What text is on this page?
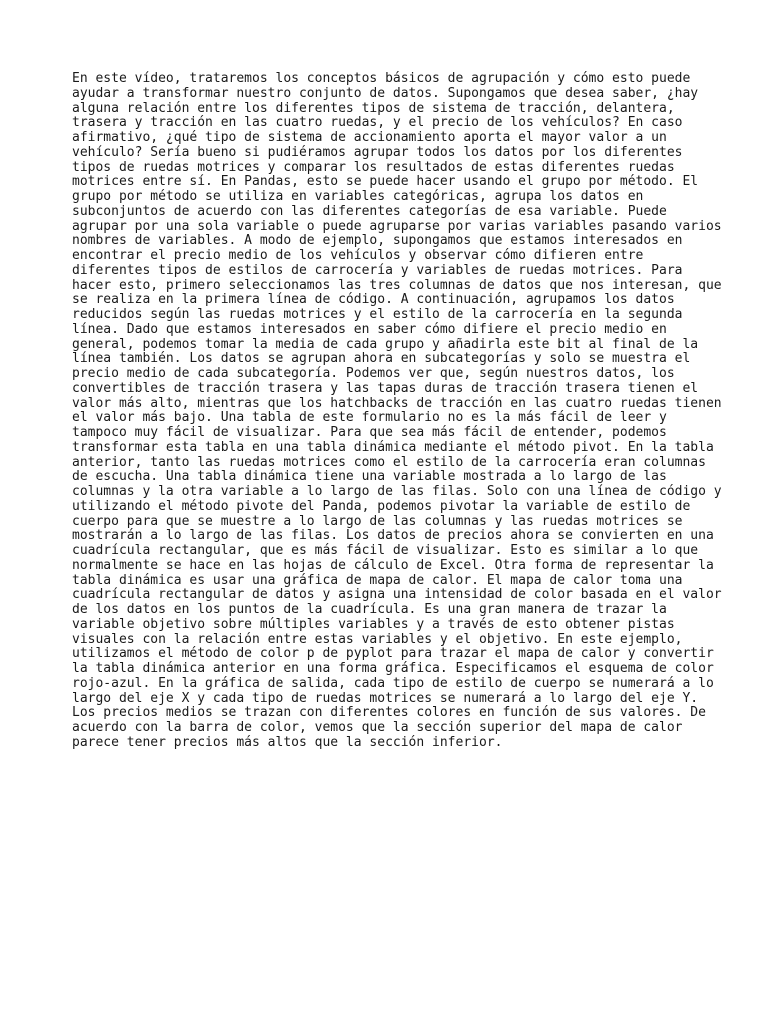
En este vídeo, trataremos los conceptos básicos de agrupación y cómo esto puede
ayudar a transformar nuestro conjunto de datos. Supongamos que desea saber, ¿hay
alguna relación entre los diferentes tipos de sistema de tracción, delantera,
trasera y tracción en las cuatro ruedas, y el precio de los vehículos? En caso
afirmativo, ¿qué tipo de sistema de accionamiento aporta el mayor valor a un
vehículo? Sería bueno si pudiéramos agrupar todos los datos por los diferentes
tipos de ruedas motrices y comparar los resultados de estas diferentes ruedas
motrices entre sí. En Pandas, esto se puede hacer usando el grupo por método. El
grupo por método se utiliza en variables categóricas, agrupa los datos en
subconjuntos de acuerdo con las diferentes categorías de esa variable. Puede
agrupar por una sola variable o puede agruparse por varias variables pasando varios
nombres de variables. A modo de ejemplo, supongamos que estamos interesados en
encontrar el precio medio de los vehículos y observar cómo difieren entre
diferentes tipos de estilos de carrocería y variables de ruedas motrices. Para
hacer esto, primero seleccionamos las tres columnas de datos que nos interesan, que
se realiza en la primera línea de código. A continuación, agrupamos los datos
reducidos según las ruedas motrices y el estilo de la carrocería en la segunda
línea. Dado que estamos interesados en saber cómo difiere el precio medio en
general, podemos tomar la media de cada grupo y añadirla este bit al final de la
línea también. Los datos se agrupan ahora en subcategorías y solo se muestra el
precio medio de cada subcategoría. Podemos ver que, según nuestros datos, los
convertibles de tracción trasera y las tapas duras de tracción trasera tienen el
valor más alto, mientras que los hatchbacks de tracción en las cuatro ruedas tienen
el valor más bajo. Una tabla de este formulario no es la más fácil de leer y
tampoco muy fácil de visualizar. Para que sea más fácil de entender, podemos
transformar esta tabla en una tabla dinámica mediante el método pivot. En la tabla
anterior, tanto las ruedas motrices como el estilo de la carrocería eran columnas
de escucha. Una tabla dinámica tiene una variable mostrada a lo largo de las
columnas y la otra variable a lo largo de las filas. Solo con una línea de código y
utilizando el método pivote del Panda, podemos pivotar la variable de estilo de
cuerpo para que se muestre a lo largo de las columnas y las ruedas motrices se
mostrarán a lo largo de las filas. Los datos de precios ahora se convierten en una
cuadrícula rectangular, que es más fácil de visualizar. Esto es similar a lo que
normalmente se hace en las hojas de cálculo de Excel. Otra forma de representar la
tabla dinámica es usar una gráfica de mapa de calor. El mapa de calor toma una
cuadrícula rectangular de datos y asigna una intensidad de color basada en el valor
de los datos en los puntos de la cuadrícula. Es una gran manera de trazar la
variable objetivo sobre múltiples variables y a través de esto obtener pistas
visuales con la relación entre estas variables y el objetivo. En este ejemplo,
utilizamos el método de color p de pyplot para trazar el mapa de calor y convertir
la tabla dinámica anterior en una forma gráfica. Especificamos el esquema de color
rojo-azul. En la gráfica de salida, cada tipo de estilo de cuerpo se numerará a lo
largo del eje X y cada tipo de ruedas motrices se numerará a lo largo del eje Y.
Los precios medios se trazan con diferentes colores en función de sus valores. De
acuerdo con la barra de color, vemos que la sección superior del mapa de calor
parece tener precios más altos que la sección inferior.
